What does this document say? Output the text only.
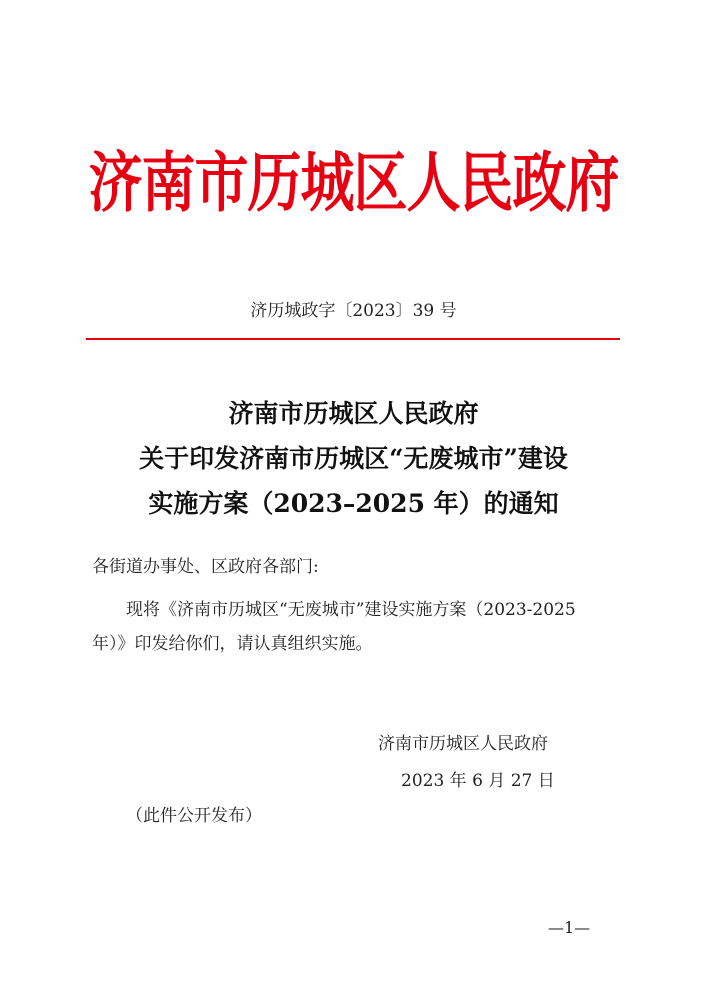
济南市历城区人民政府
济历城政字〔2023〕39 号
济南市历城区人民政府
关于印发济南市历城区“无废城市”建设
实施方案（2023–2025 年）的通知
各街道办事处、区政府各部门:
现将《济南市历城区“无废城市”建设实施方案（2023-2025
年）》印发给你们，请认真组织实施。
济南市历城区人民政府
2023 年 6 月 27 日
（此件公开发布）
—1—
